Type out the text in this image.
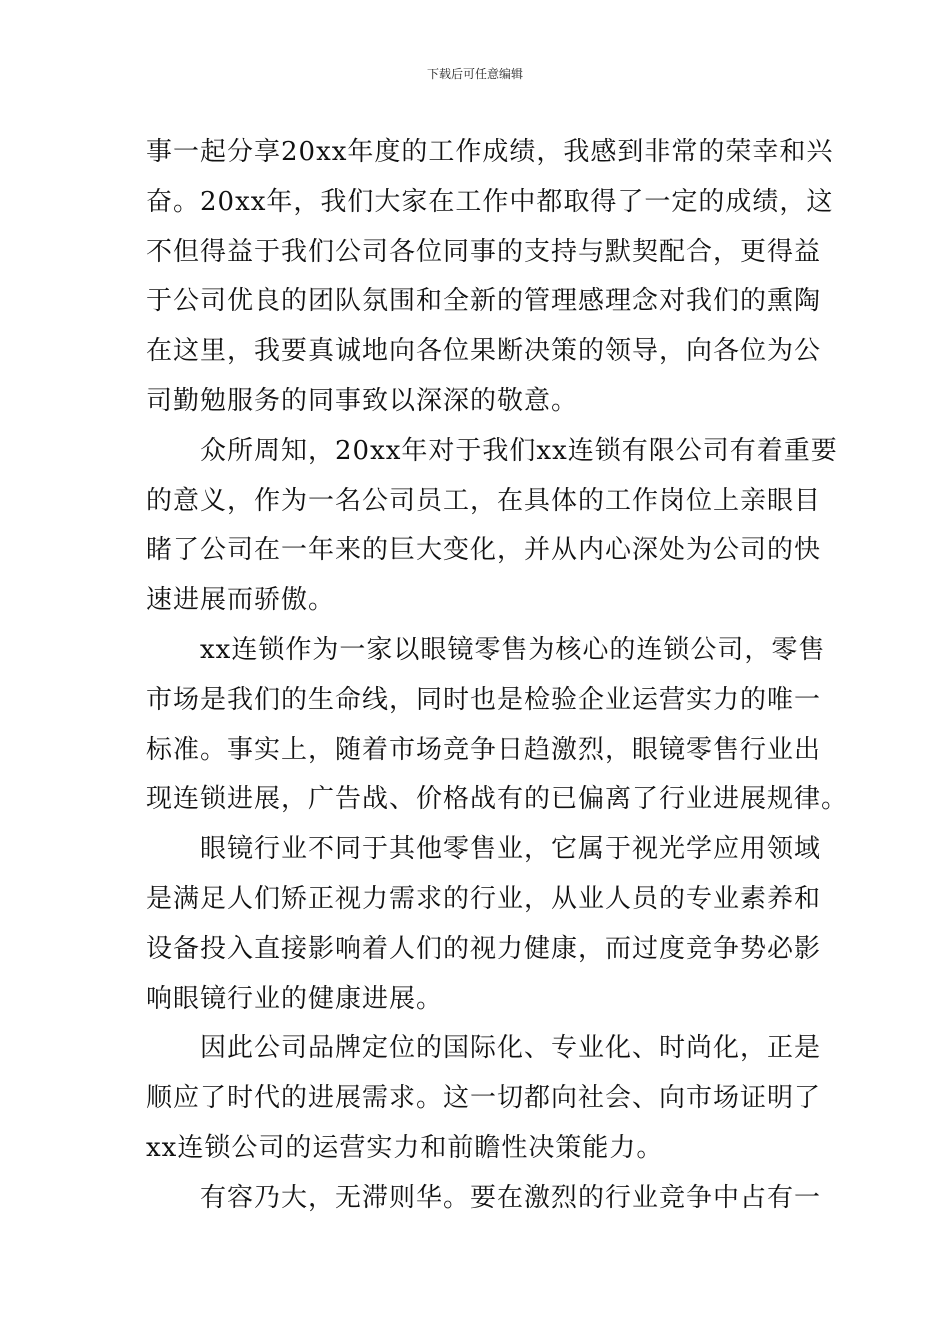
下载后可任意编辑
事一起分享20xx年度的工作成绩，我感到非常的荣幸和兴
奋。20xx年，我们大家在工作中都取得了一定的成绩，这
不但得益于我们公司各位同事的支持与默契配合，更得益
于公司优良的团队氛围和全新的管理感理念对我们的熏陶
在这里，我要真诚地向各位果断决策的领导，向各位为公
司勤勉服务的同事致以深深的敬意。
众所周知，20xx年对于我们xx连锁有限公司有着重要
的意义，作为一名公司员工，在具体的工作岗位上亲眼目
睹了公司在一年来的巨大变化，并从内心深处为公司的快
速进展而骄傲。
xx连锁作为一家以眼镜零售为核心的连锁公司，零售
市场是我们的生命线，同时也是检验企业运营实力的唯一
标准。事实上，随着市场竞争日趋激烈，眼镜零售行业出
现连锁进展，广告战、价格战有的已偏离了行业进展规律。
眼镜行业不同于其他零售业，它属于视光学应用领域
是满足人们矫正视力需求的行业，从业人员的专业素养和
设备投入直接影响着人们的视力健康，而过度竞争势必影
响眼镜行业的健康进展。
因此公司品牌定位的国际化、专业化、时尚化，正是
顺应了时代的进展需求。这一切都向社会、向市场证明了
xx连锁公司的运营实力和前瞻性决策能力。
有容乃大，无滞则华。要在激烈的行业竞争中占有一
